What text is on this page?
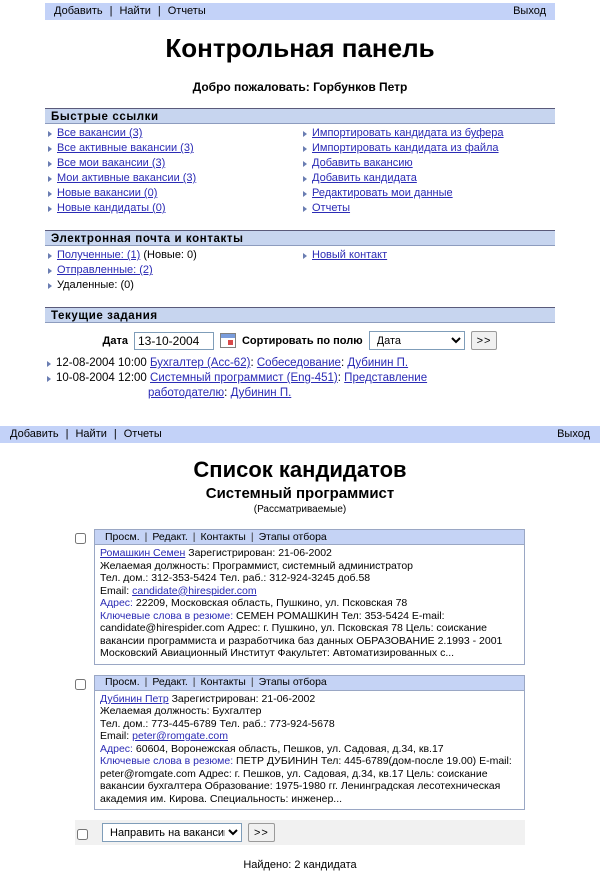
Добавить | Найти | Отчеты	Выход
Контрольная панель
Добро пожаловать: Горбунков Петр
Быстрые ссылки
Все вакансии (3)
Все активные вакансии (3)
Все мои вакансии (3)
Мои активные вакансии (3)
Новые вакансии (0)
Новые кандидаты (0)
Импортировать кандидата из буфера
Импортировать кандидата из файла
Добавить вакансию
Добавить кандидата
Редактировать мои данные
Отчеты
Электронная почта и контакты
Полученные: (1) (Новые: 0)
Отправленные: (2)
Удаленные: (0)
Новый контакт
Текущие задания
Дата
13-10-2004	Сортировать по полю
Дата	>>
12-08-2004 10:00 Бухгалтер (Acc-62): Собеседование: Дубинин П.
10-08-2004 12:00 Системный программист (Eng-451): Представление
работодателю: Дубинин П.
Добавить | Найти | Отчеты	Выход
Список кандидатов
Системный программист
(Рассматриваемые)
Просм. | Редакт. | Контакты | Этапы отбора
Ромашкин Семен Зарегистрирован: 21-06-2002
Желаемая должность: Программист, системный администратор
Тел. дом.: 312-353-5424 Тел. раб.: 312-924-3245 доб.58
Email: candidate@hirespider.com
Адрес: 22209, Московская область, Пушкино, ул. Псковская 78
Ключевые слова в резюме: СЕМЕН РОМАШКИН Тел: 353-5424 E-mail: candidate@hirespider.com Адрес: г. Пушкино, ул. Псковская 78 Цель: соискание вакансии программиста и разработчика баз данных ОБРАЗОВАНИЕ 2.1993 - 2001 Московский Авиационный Институт Факультет: Автоматизированных с...
Просм. | Редакт. | Контакты | Этапы отбора
Дубинин Петр Зарегистрирован: 21-06-2002
Желаемая должность: Бухгалтер
Тел. дом.: 773-445-6789 Тел. раб.: 773-924-5678
Email: peter@romgate.com
Адрес: 60604, Воронежская область, Пешков, ул. Садовая, д.34, кв.17
Ключевые слова в резюме: ПЕТР ДУБИНИН Тел: 445-6789(дом-после 19.00) E-mail: peter@romgate.com Адрес: г. Пешков, ул. Садовая, д.34, кв.17 Цель: соискание вакансии бухгалтера Образование: 1975-1980 гг. Ленинградская лесотехническая академия им. Кирова. Специальность: инженер...
Направить на вакансию
>>
Найдено: 2 кандидата
